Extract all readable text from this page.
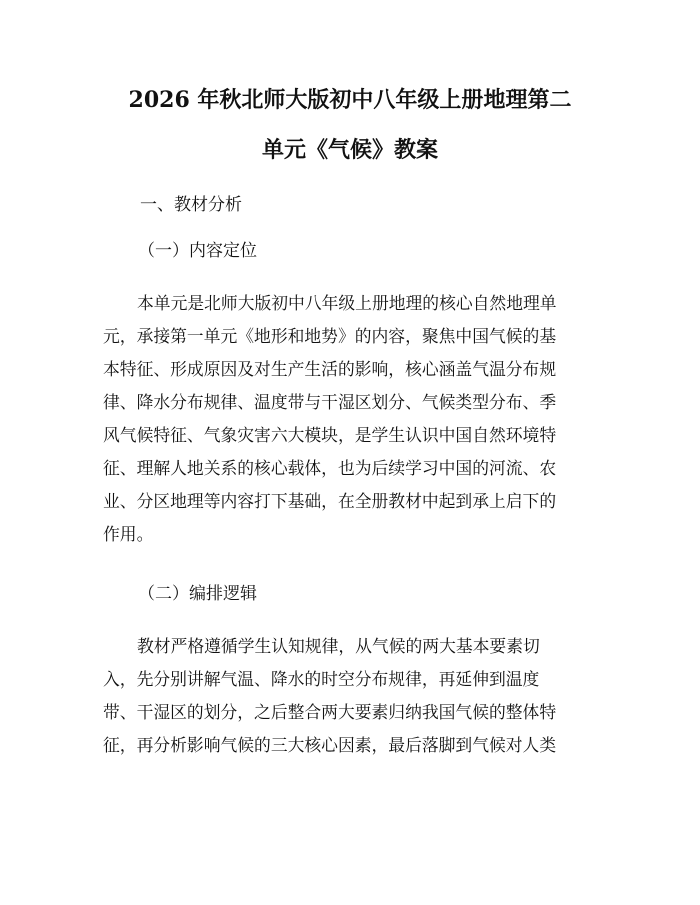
2026 年秋北师大版初中八年级上册地理第二
单元《气候》教案
一、教材分析
（一）内容定位
本单元是北师大版初中八年级上册地理的核心自然地理单
元，承接第一单元《地形和地势》的内容，聚焦中国气候的基
本特征、形成原因及对生产生活的影响，核心涵盖气温分布规
律、降水分布规律、温度带与干湿区划分、气候类型分布、季
风气候特征、气象灾害六大模块，是学生认识中国自然环境特
征、理解人地关系的核心载体，也为后续学习中国的河流、农
业、分区地理等内容打下基础，在全册教材中起到承上启下的
作用。
（二）编排逻辑
教材严格遵循学生认知规律，从气候的两大基本要素切
入，先分别讲解气温、降水的时空分布规律，再延伸到温度
带、干湿区的划分，之后整合两大要素归纳我国气候的整体特
征，再分析影响气候的三大核心因素，最后落脚到气候对人类
